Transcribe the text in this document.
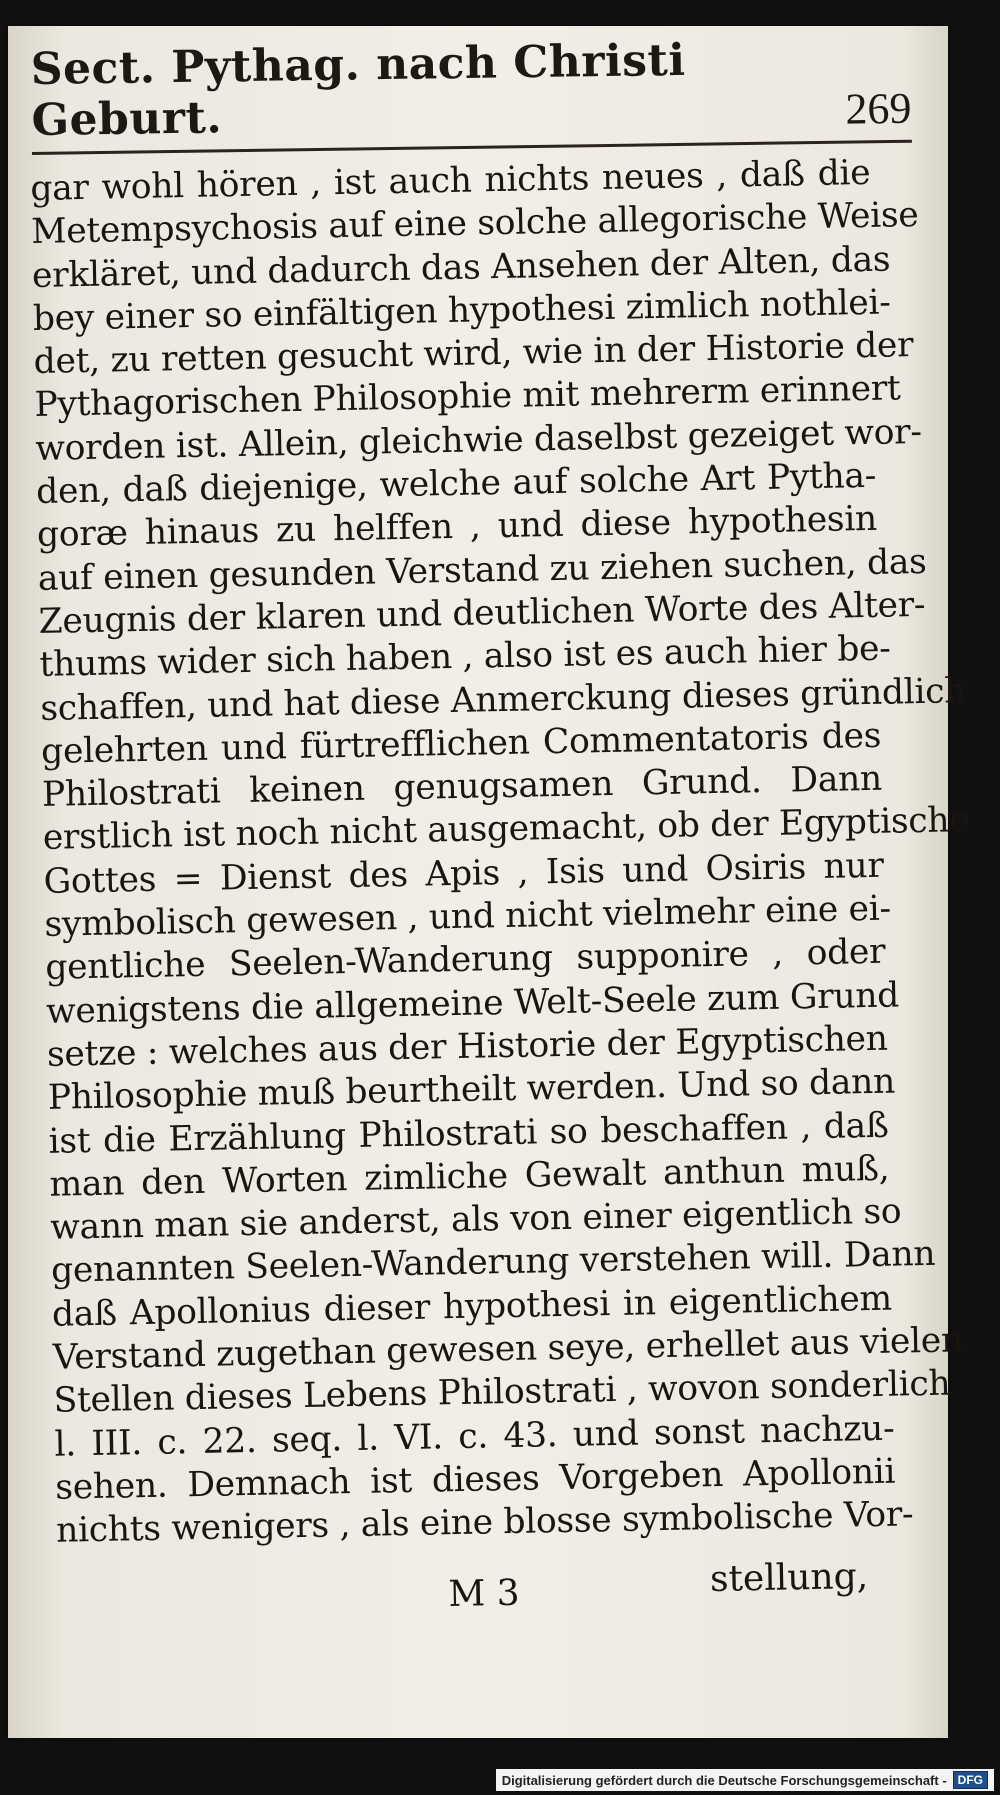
Sect. Pythag. nach Christi Geburt.	269
gar wohl hören , ist auch nichts neues , daß die
Metempsychosis auf eine solche allegorische Weise
erkläret, und dadurch das Ansehen der Alten, das
bey einer so einfältigen hypothesi zimlich nothlei-
det, zu retten gesucht wird, wie in der Historie der
Pythagorischen Philosophie mit mehrerm erinnert
worden ist. Allein, gleichwie daselbst gezeiget wor-
den, daß diejenige, welche auf solche Art Pytha-
goræ hinaus zu helffen , und diese hypothesin
auf einen gesunden Verstand zu ziehen suchen, das
Zeugnis der klaren und deutlichen Worte des Alter-
thums wider sich haben , also ist es auch hier be-
schaffen, und hat diese Anmerckung dieses gründlich
gelehrten und fürtrefflichen Commentatoris des
Philostrati keinen genugsamen Grund. Dann
erstlich ist noch nicht ausgemacht, ob der Egyptische
Gottes = Dienst des Apis , Isis und Osiris nur
symbolisch gewesen , und nicht vielmehr eine ei-
gentliche Seelen-Wanderung supponire , oder
wenigstens die allgemeine Welt-Seele zum Grund
setze : welches aus der Historie der Egyptischen
Philosophie muß beurtheilt werden. Und so dann
ist die Erzählung Philostrati so beschaffen , daß
man den Worten zimliche Gewalt anthun muß,
wann man sie anderst, als von einer eigentlich so
genannten Seelen-Wanderung verstehen will. Dann
daß Apollonius dieser hypothesi in eigentlichem
Verstand zugethan gewesen seye, erhellet aus vielen
Stellen dieses Lebens Philostrati , wovon sonderlich
l. III. c. 22. seq. l. VI. c. 43. und sonst nachzu-
sehen. Demnach ist dieses Vorgeben Apollonii
nichts wenigers , als eine blosse symbolische Vor-
M 3	stellung,
Digitalisierung gefördert durch die Deutsche Forschungsgemeinschaft - DFG
